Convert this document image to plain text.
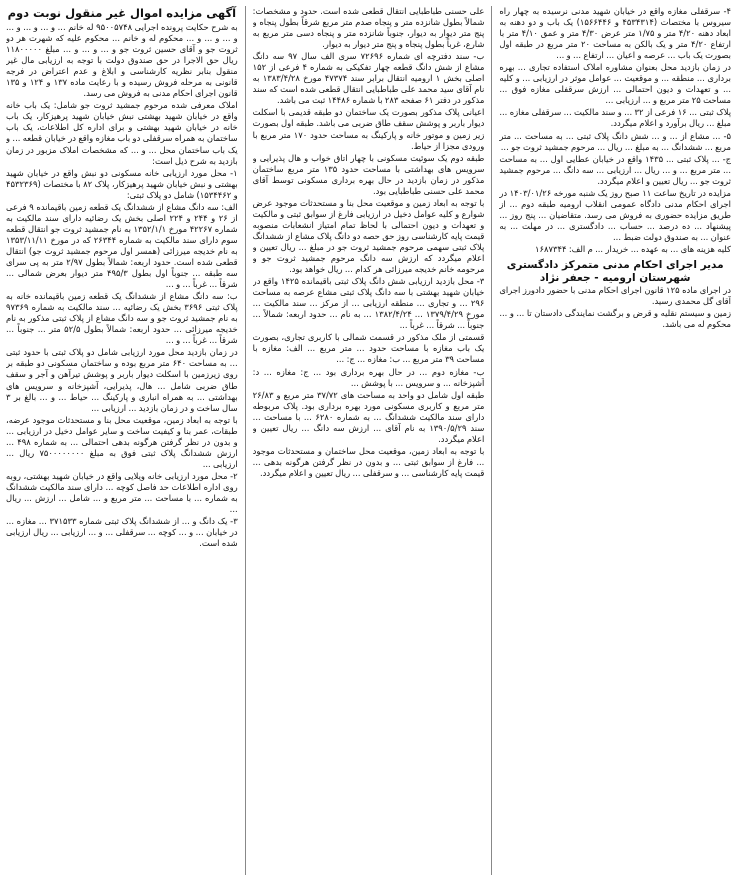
آگهی مزایده اموال غیر منقول نوبت دوم

به شرح حکایت پرونده اجرایی ۹۵۰۰۵۷۴۸ له خانم ... و ... و ... و ... و ... و ... و ... محکوم له و خانم ... محکوم علیه که شهرت هر دو ثروت جو و آقای حسین ثروت جو و ... و ... و ... مبلغ ۱۱۸۰۰۰۰۰ ریال حق الاجرا در حق صندوق دولت با توجه به ارزیابی مال غیر منقول بنابر نظریه کارشناسی و ابلاغ و عدم اعتراض در فرجه قانونی به مرحله فروش رسیده و با رعایت ماده ۱۳۷ و ۱۲۴ و ۱۳۵ قانون اجرای احکام مدنی به فروش می رسد.

املاک معرفی شده مرحوم جمشید ثروت جو شامل: یک باب خانه واقع در خیابان شهید بهشتی نبش خیابان شهید پرهیزکار، یک باب خانه در خیابان شهید بهشتی و برای اداره کل اطلاعات، یک باب ساختمان به همراه سرقفلی دو باب مغازه واقع در خیابان قطعه ... و یک باب ساختمان محل ... و ... که مشخصات املاک مزبور در زمان بازدید به شرح ذیل است:

۱- محل مورد ارزیابی خانه مسکونی دو نبش واقع در خیابان شهید بهشتی و نبش خیابان شهید پرهیزکار، پلاک ۸۲ با مختصات (۴۵۳۲۳۶۹ و ۱۵۳۴۴۶۲) شامل دو پلاک ثبتی:

الف: سه دانگ مشاع از ششدانگ یک قطعه زمین باقیمانده ۹ فرعی از ۲۶ و ۲۴۴ و ۲۲۴ اصلی بخش یک رضائیه دارای سند مالکیت به شماره ۴۲۲۶۷ مورخ ۱۳۵۲/۱/۱ به نام جمشید ثروت جو انتقال قطعه سوم دارای سند مالکیت به شماره ۲۶۳۴۴ که در مورخ ۱۳۵۳/۱۱/۱۱ به نام خدیجه میرزائی (همسر اول مرحوم جمشید ثروت جو) انتقال قطعی شده است. حدود اربعه: شمالاً بطول ۲/۹۷ متر به پی سرای سه طبقه ... جنوباً اول بطول ۴۹۵/۳ متر دیوار بعرض شمالی ... شرقاً ... غرباً ... و ...

ب: سه دانگ مشاع از ششدانگ یک قطعه زمین باقیمانده خانه به پلاک ثبتی ۳۶۹۶ بخش یک رضائیه ... سند مالکیت به شماره ۹۷۳۶۹ به نام جمشید ثروت جو و سه دانگ مشاع از پلاک ثبتی مذکور به نام خدیجه میرزائی ... حدود اربعه: شمالاً بطول ۵۲/۵ متر ... جنوباً ... شرقاً ... غرباً ... و ...

در زمان بازدید محل مورد ارزیابی شامل دو پلاک ثبتی با حدود ثبتی ... به مساحت ۶۴۰ متر مربع بوده و ساختمان مسکونی دو طبقه بر روی زیرزمین با اسکلت دیوار باربر و پوشش تیرآهن و آجر و سقف طاق ضربی شامل ... هال، پذیرایی، آشپزخانه و سرویس های بهداشتی ... به همراه انباری و پارکینگ ... حیاط ... و ... بالغ بر ۳ سال ساخت و در زمان بازدید ... ارزیابی ...

با توجه به ابعاد زمین، موقعیت محل بنا و مستحدثات موجود عرضه، طبقات، عمر بنا و کیفیت ساخت و سایر عوامل دخیل در ارزیابی ... و بدون در نظر گرفتن هرگونه بدهی احتمالی ... به شماره ۴۹۸ ... ارزش ششدانگ پلاک ثبتی فوق به مبلغ ۷۵۰۰۰۰۰۰۰۰ ریال ... ارزیابی ...

۲- محل مورد ارزیابی خانه ویلایی واقع در خیابان شهید بهشتی، روبه روی اداره اطلاعات حد فاصل کوچه ... دارای سند مالکیت ششدانگ به شماره ... با مساحت ... متر مربع و ... شامل ... ارزش ... ریال ...

۳- یک دانگ و ... از ششدانگ پلاک ثبتی شماره ۳۷۱۵۳۳ ... مغازه ... در خیابان ... و ... کوچه ... سرقفلی ... و ... ارزیابی ... ریال ارزیابی شده است.

علی حسنی طباطبایی انتقال قطعی شده است. حدود و مشخصات: شمالاً بطول شانزده متر و پنجاه صدم متر مربع شرقاً بطول پنجاه و پنج متر دیوار به دیوار، جنوباً شانزده متر و پنجاه دسی متر مربع به شارع، غرباً بطول پنجاه و پنج متر دیوار به دیوار.

ب- سند دفترچه ای شماره ۷۲۶۹۶ سری الف سال ۹۷ سه دانگ مشاع از شش دانگ قطعه چهار تفکیکی به شماره ۴ فرعی از ۱۵۲ اصلی بخش ۱ ارومیه انتقال برابر سند ۴۷۳۷۴ مورخ ۱۳۸۳/۴/۲۸ به نام آقای سید محمد علی طباطبایی انتقال قطعی شده است که سند مذکور در دفتر ۶۱ صفحه ۲۸۳ با شماره ۱۴۴۸۶ ثبت می باشد.

اعیانی پلاک مذکور بصورت یک ساختمان دو طبقه قدیمی با اسکلت دیوار باربر و پوشش سقف طاق ضربی می باشد. طبقه اول بصورت زیر زمین و موتور خانه و پارکینگ به مساحت حدود ۱۷۰ متر مربع با ورودی مجزا از حیاط.

طبقه دوم یک سوئیت مسکونی با چهار اتاق خواب و هال پذیرایی و سرویس های بهداشتی با مساحت حدود ۱۳۵ متر مربع ساختمان مذکور در زمان بازدید در حال بهره برداری مسکونی توسط آقای محمد علی حسنی طباطبایی بود.

با توجه به ابعاد زمین و موقعیت محل بنا و مستحدثات موجود عرض شوارع و کلیه عوامل دخیل در ارزیابی فارغ از سوابق ثبتی و مالکیت و تعهدات و دیون احتمالی با لحاظ تمام امتیاز انشعابات منصوبه قیمت پایه کارشناسی روز حق حصه دو دانگ پلاک مشاع از ششدانگ پلاک ثبتی سهمی مرحوم جمشید ثروت جو در مبلغ ... ریال تعیین و اعلام میگردد که ارزش سه دانگ مرحوم جمشید ثروت جو و مرحومه خانم خدیجه میرزائی هر کدام ... ریال خواهد بود.

۳- محل بازدید ارزیابی شش دانگ پلاک ثبتی باقیمانده ۱۴۲۵ واقع در خیابان شهید بهشتی با سه دانگ پلاک ثبتی مشاع عرصه به مساحت ۲۹۶ ... و تجاری ... منطقه ارزیابی ... از مرکز ... سند مالکیت ... مورخ ۱۳۷۹/۴/۲۹ ... ۱۳۸۲/۴/۲۴ ... به نام ... حدود اربعه: شمالاً ... جنوباً ... شرقاً ... غرباً ...

قسمتی از ملک مذکور در قسمت شمالی با کاربری تجاری، بصورت یک باب مغازه با مساحت حدود ... متر مربع ... الف: مغازه با مساحت ۳۹ متر مربع ... ب: مغازه ... ج: ...

ب- مغازه دوم ... در حال بهره برداری بود ... ج: مغازه ... د: آشپزخانه ... و سرویس ... با پوشش ...

طبقه اول شامل دو واحد به مساحت های ۳۷/۷۲ متر مربع و ۲۶/۸۳ متر مربع و کاربری مسکونی مورد بهره برداری بود. پلاک مربوطه دارای سند مالکیت ششدانگ ... به شماره ۶۲۸۰ ... با مساحت ... سند ۱۳۹۰/۵/۲۹ به نام آقای ... ارزش سه دانگ ... ریال تعیین و اعلام میگردد.

با توجه به ابعاد زمین، موقعیت محل ساختمان و مستحدثات موجود ... فارغ از سوابق ثبتی ... و بدون در نظر گرفتن هرگونه بدهی ... قیمت پایه کارشناسی ... و سرقفلی ... ریال تعیین و اعلام میگردد.

۴- سرقفلی مغازه واقع در خیابان شهید مدنی نرسیده به چهار راه سیروس با مختصات (۴۵۳۴۳۱۴ و ۱۵۶۶۴۴۶) یک باب و دو دهنه به ابعاد دهنه ۴/۲۰ متر و ۱/۷۵ متر عرض ۴/۳۰ متر و عمق ۴/۱۰ متر با ارتفاع ۴/۲۰ متر و یک بالکن به مساحت ۲۰ متر مربع در طبقه اول بصورت یک باب ... عرصه و اعیان ... ارتفاع ... و ...

در زمان بازدید محل بعنوان مشاوره املاک استفاده تجاری ... بهره برداری ... منطقه ... و موقعیت ... عوامل موثر در ارزیابی ... و کلیه ... و تعهدات و دیون احتمالی ... ارزش سرقفلی مغازه فوق ... مساحت ۲۵ متر مربع و ... ارزیابی ...

پلاک ثبتی ... ۱۶ فرعی از ۳۲ ... و سند مالکیت ... سرقفلی مغازه ... مبلغ ... ریال برآورد و اعلام میگردد.

۵- ... مشاع از ... و ... شش دانگ پلاک ثبتی ... به مساحت ... متر مربع ... ششدانگ ... به مبلغ ... ریال ... مرحوم جمشید ثروت جو ...

ج- ... پلاک ثبتی ... ۱۴۳۵ واقع در خیابان عطایی اول ... به مساحت ... متر مربع ... و ... ریال ... ارزیابی ... سه دانگ ... مرحوم جمشید ثروت جو ... ریال تعیین و اعلام میگردد.

مزایده در تاریخ ساعت ۱۱ صبح روز یک شنبه مورخه ۱۴۰۳/۰۱/۲۶ در اجرای احکام مدنی دادگاه عمومی انقلاب ارومیه طبقه دوم ... از طریق مزایده حضوری به فروش می رسد. متقاضیان ... پنج روز ... پیشنهاد ... ده درصد ... حساب ... دادگستری ... در مهلت ... به عنوان ... به صندوق دولت ضبط ...

کلیه هزینه های ... به عهده ... خریدار ... م الف: ۱۶۸۷۳۴۴

مدیر اجرای احکام مدنی متمرکز دادگستری شهرستان ارومیه - جعفر نژاد

در اجرای ماده ۱۲۵ قانون اجرای احکام مدنی با حضور دادورز اجرای آقای گل محمدی رسید.

زمین و سیستم نقلیه و قرض و برگشت نمایندگی دادستان تا ... و ... محکوم له می باشد.
